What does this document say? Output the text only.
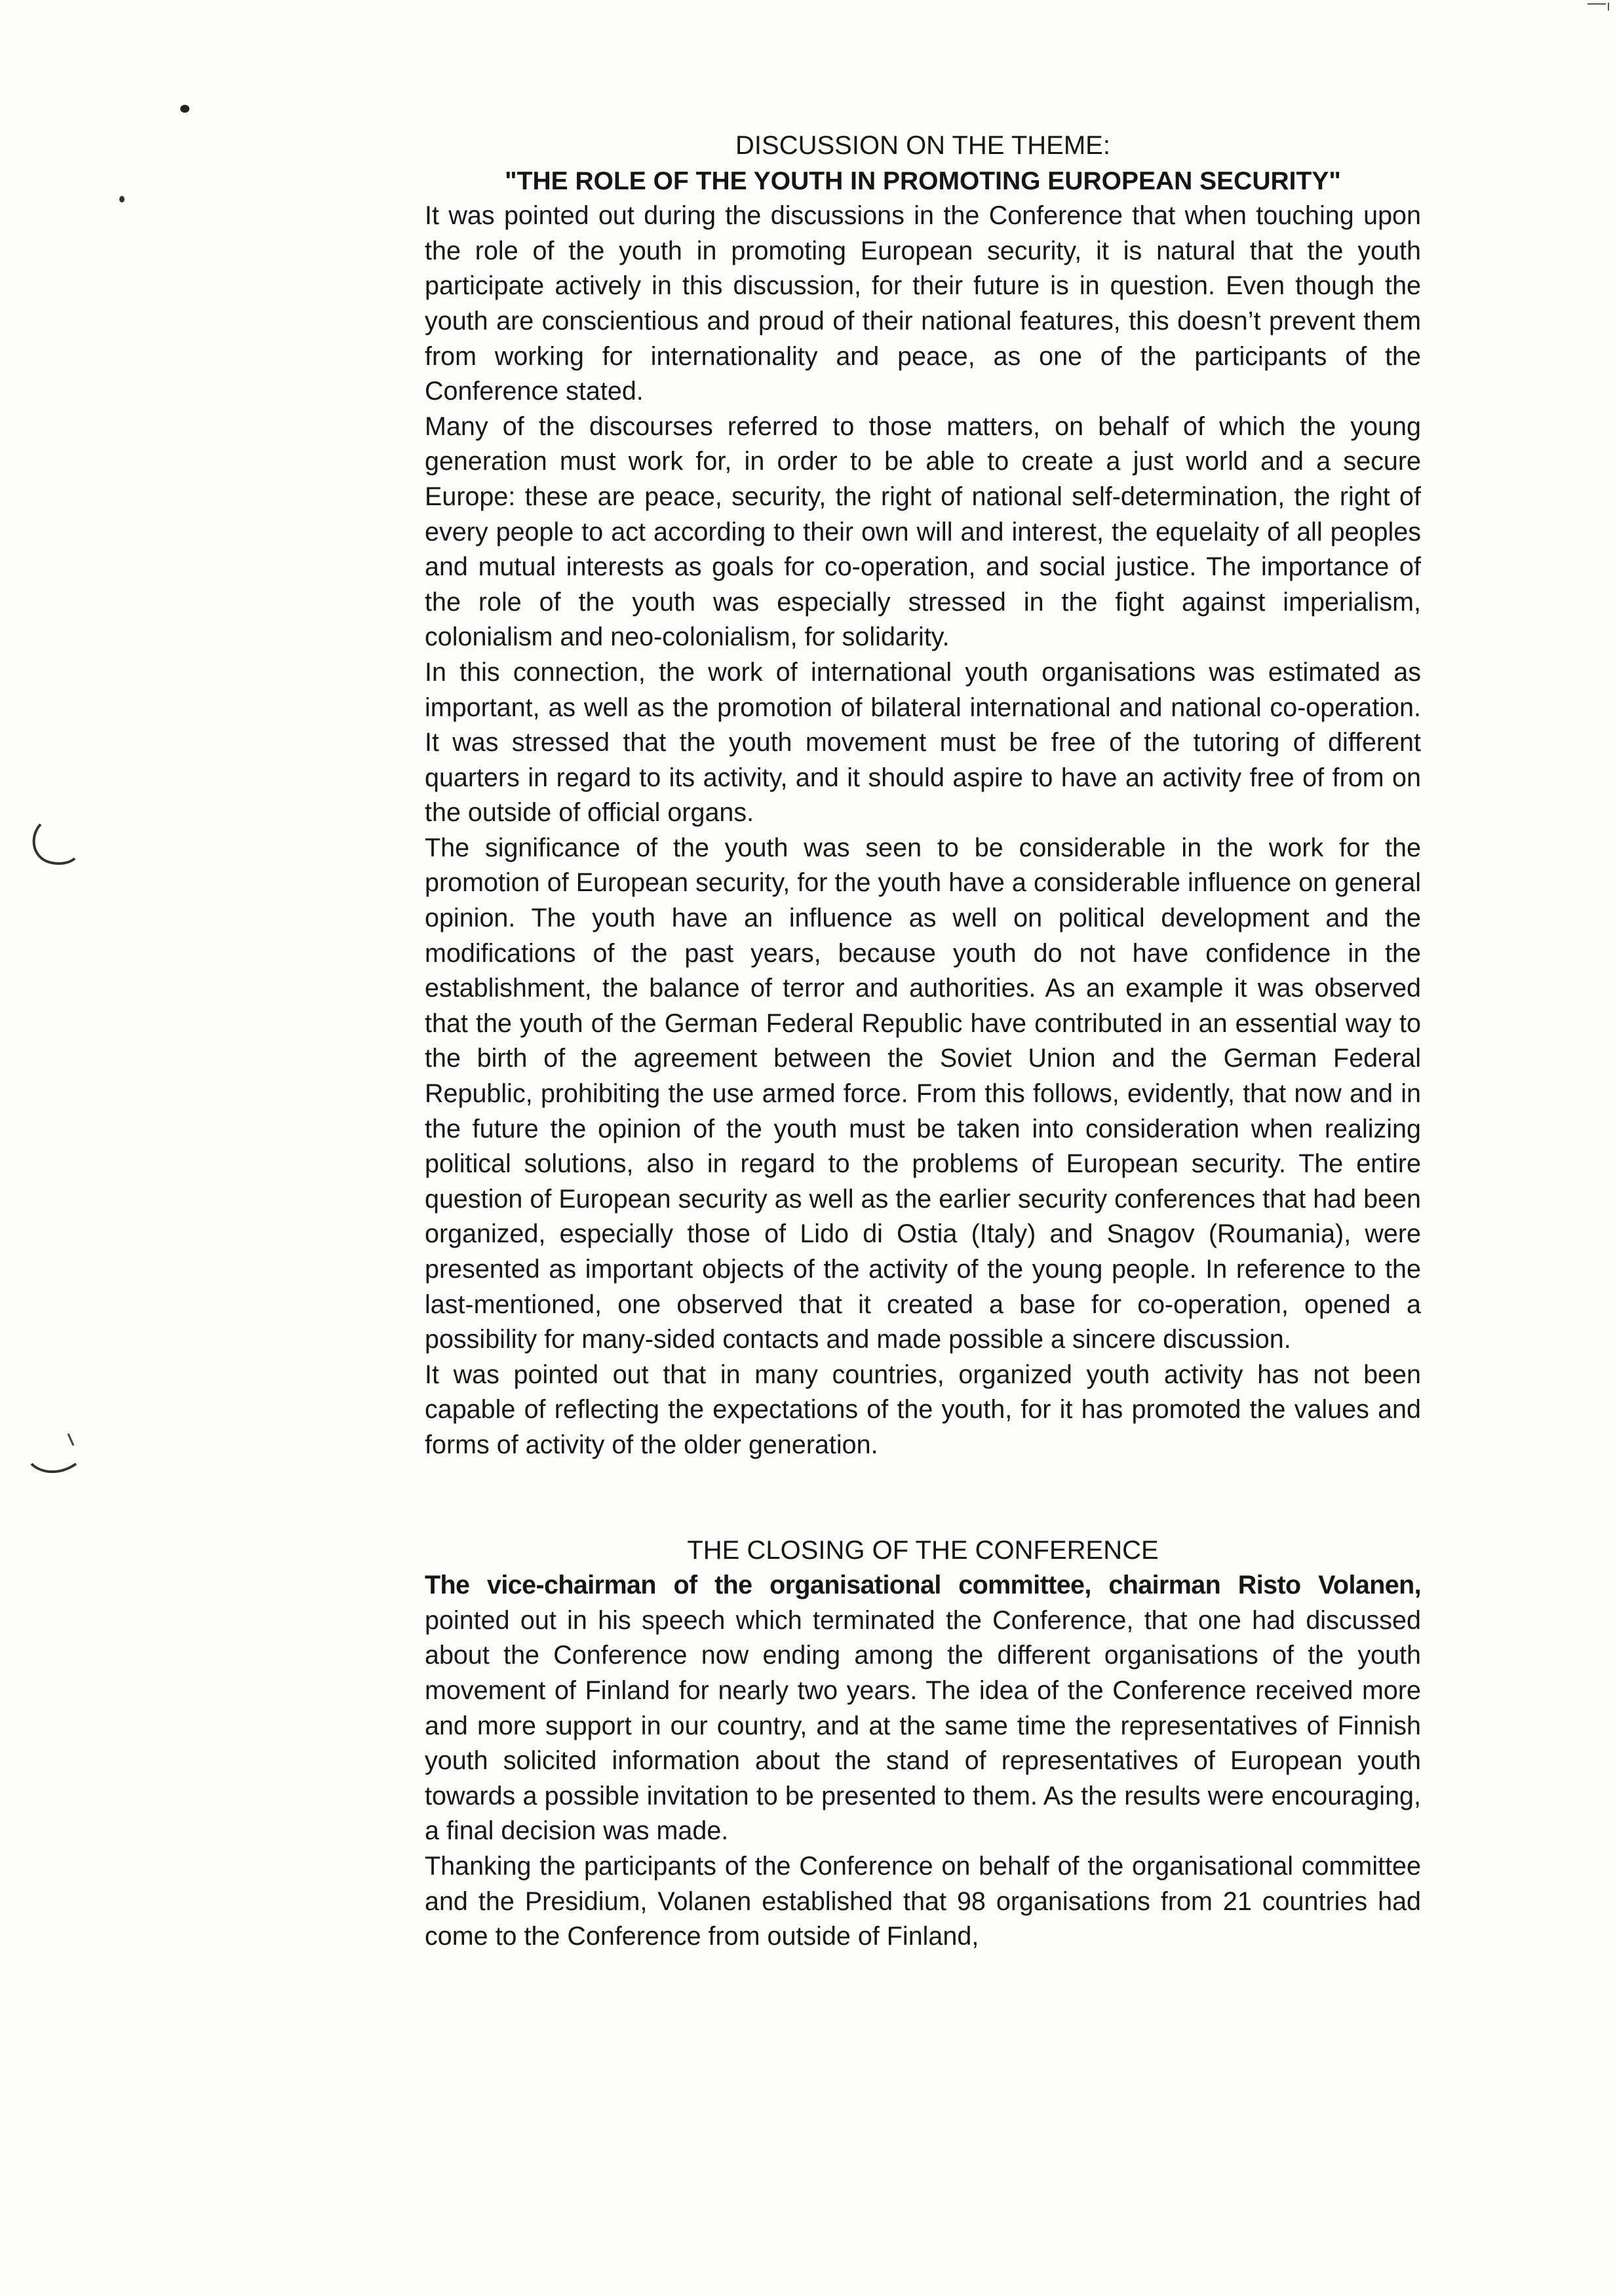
DISCUSSION ON THE THEME:
"THE ROLE OF THE YOUTH IN PROMOTING EUROPEAN SECURITY"

It was pointed out during the discussions in the Conference that when touching upon the role of the youth in promoting European security, it is natural that the youth participate actively in this discussion, for their future is in question. Even though the youth are conscientious and proud of their national features, this doesn’t prevent them from working for internationality and peace, as one of the participants of the Conference stated.

Many of the discourses referred to those matters, on behalf of which the young generation must work for, in order to be able to create a just world and a secure Europe: these are peace, security, the right of national self-determination, the right of every people to act according to their own will and interest, the equelaity of all peoples and mutual interests as goals for co-operation, and social justice. The importance of the role of the youth was especially stressed in the fight against imperialism, colonialism and neo-colonialism, for solidarity.

In this connection, the work of international youth organisations was estimated as important, as well as the promotion of bilateral international and national co-operation. It was stressed that the youth movement must be free of the tutoring of different quarters in regard to its activity, and it should aspire to have an activity free of from on the outside of official organs.

The significance of the youth was seen to be considerable in the work for the promotion of European security, for the youth have a considerable influence on general opinion. The youth have an influence as well on political development and the modifications of the past years, because youth do not have confidence in the establishment, the balance of terror and authorities. As an example it was observed that the youth of the German Federal Republic have contributed in an essential way to the birth of the agreement between the Soviet Union and the German Federal Republic, prohibiting the use armed force. From this follows, evidently, that now and in the future the opinion of the youth must be taken into consideration when realizing political solutions, also in regard to the problems of European security. The entire question of European security as well as the earlier security conferences that had been organized, especially those of Lido di Ostia (Italy) and Snagov (Roumania), were presented as important objects of the activity of the young people. In reference to the last-mentioned, one observed that it created a base for co-operation, opened a possibility for many-sided contacts and made possible a sincere discussion.

It was pointed out that in many countries, organized youth activity has not been capable of reflecting the expectations of the youth, for it has promoted the values and forms of activity of the older generation.

THE CLOSING OF THE CONFERENCE

The vice-chairman of the organisational committee, chairman Risto Volanen, pointed out in his speech which terminated the Conference, that one had discussed about the Conference now ending among the different organisations of the youth movement of Finland for nearly two years. The idea of the Conference received more and more support in our country, and at the same time the representatives of Finnish youth solicited information about the stand of representatives of European youth towards a possible invitation to be presented to them. As the results were encouraging, a final decision was made.

Thanking the participants of the Conference on behalf of the organisational committee and the Presidium, Volanen established that 98 organisations from 21 countries had come to the Conference from outside of Finland,
